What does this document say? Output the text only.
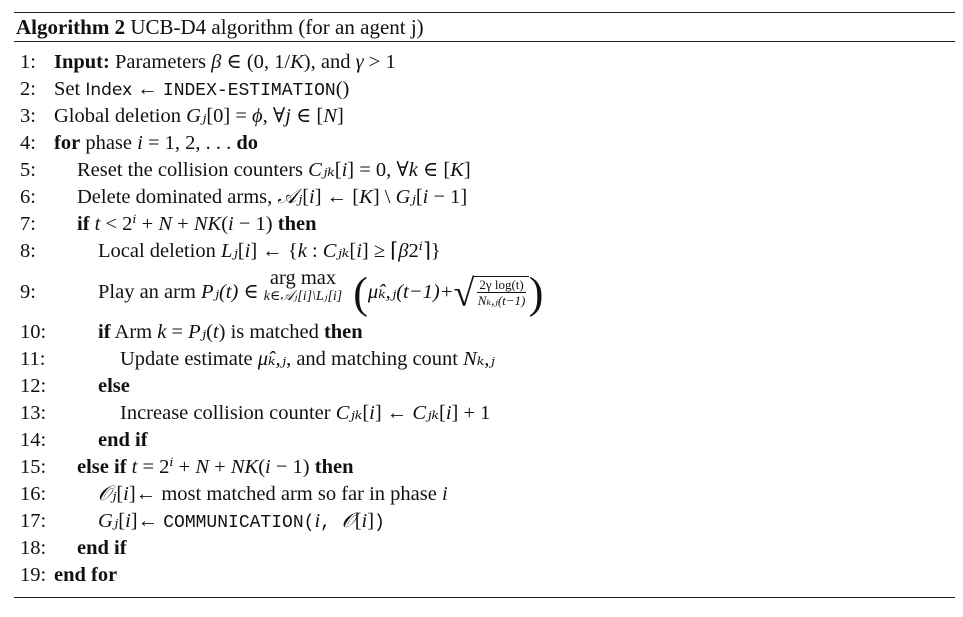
Algorithm 2 UCB-D4 algorithm (for an agent j)
1: Input: Parameters β ∈ (0, 1/K), and γ > 1
2: Set Index ← INDEX-ESTIMATION()
3: Global deletion Gⱼ[0] = ϕ, ∀j ∈ [N]
4: for phase i = 1, 2, . . . do
5:	Reset the collision counters Cⱼₖ[i] = 0, ∀k ∈ [K]
6:	Delete dominated arms, 𝒜ⱼ[i] ← [K] \ Gⱼ[i − 1]
7:	if t < 2ⁱ + N + NK(i − 1) then
8:	Local deletion Lⱼ[i] ← {k : Cⱼₖ[i] ≥ ⌈β2ⁱ⌉}
9:	Play an arm Pⱼ(t) ∈ arg max
k∈𝒜ⱼ[i]\Lⱼ[i] (μ̂ₖ,ⱼ(t−1)+√ $\frac{\text{2γ log(t)}}{\text{Nₖ,ⱼ(t−1)}}$ )
10:	if Arm k = Pⱼ(t) is matched then
11:	Update estimate μ̂ₖ,ⱼ, and matching count Nₖ,ⱼ
12:	else
13:	Increase collision counter Cⱼₖ[i] ← Cⱼₖ[i] + 1
14:	end if
15:	else if t = 2ⁱ + N + NK(i − 1) then
16:	𝒪ⱼ[i]← most matched arm so far in phase i
17:	Gⱼ[i]← COMMUNICATION(i, 𝒪[i])
18:	end if
19: end for
